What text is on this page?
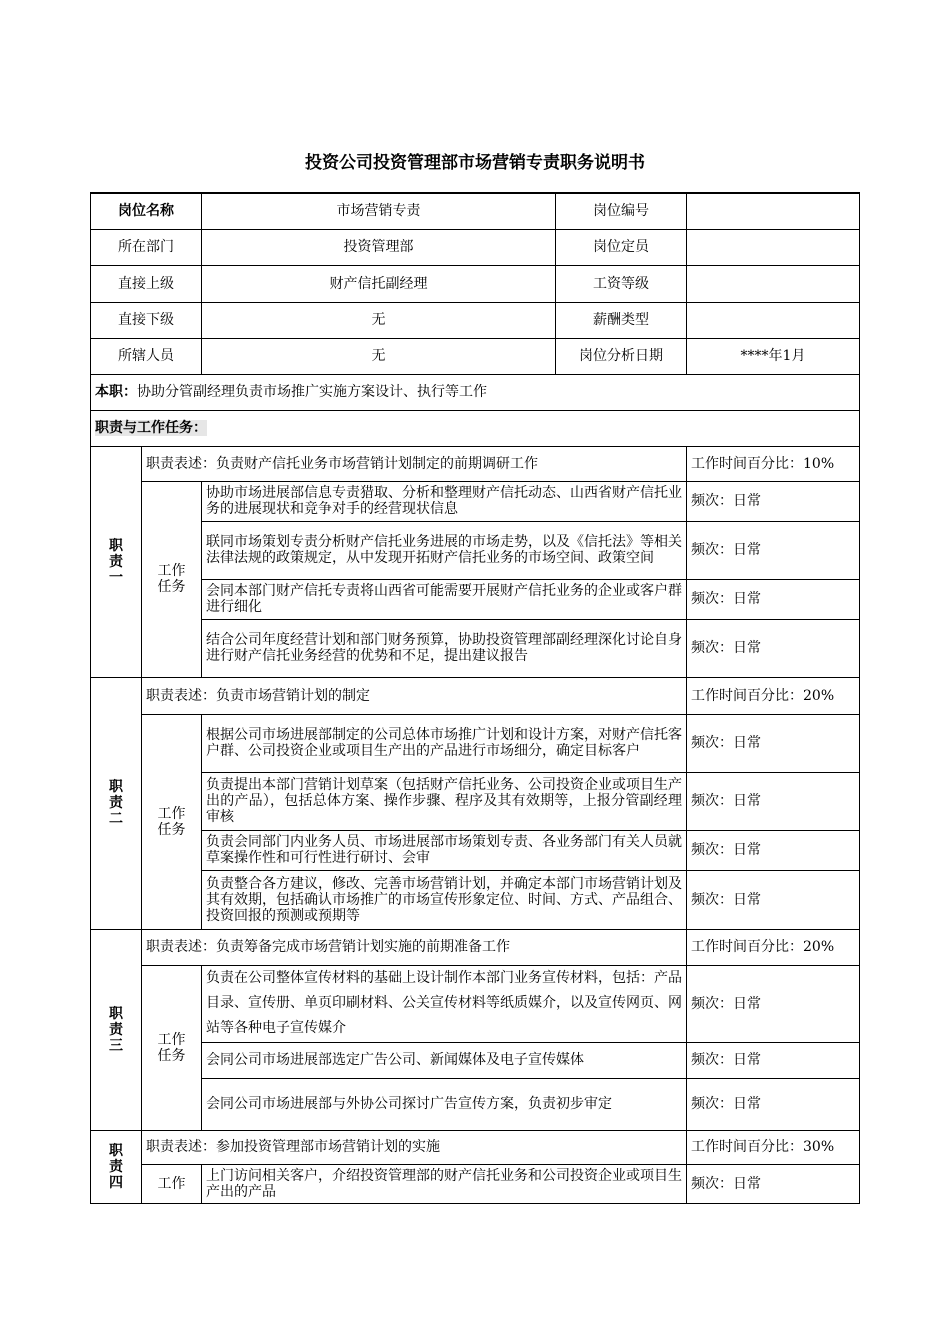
投资公司投资管理部市场营销专责职务说明书
岗位名称		市场营销专责	岗位编号	
所在部门		投资管理部	岗位定员	
直接上级		财产信托副经理	工资等级	
直接下级		无	薪酬类型	
所辖人员		无	岗位分析日期	****年1月
本职：协助分管副经理负责市场推广实施方案设计、执行等工作				
职责与工作任务：				

职
责
一	职责表述：负责财产信托业务市场营销计划制定的前期调研工作			工作时间百分比：10%

	工作
任务	协助市场进展部信息专责猎取、分析和整理财产信托动态、山西省财产信托业务的进展现状和竞争对手的经营现状信息		频次：日常
		联同市场策划专责分析财产信托业务进展的市场走势，以及《信托法》等相关法律法规的政策规定，从中发现开拓财产信托业务的市场空间、政策空间		频次：日常
		会同本部门财产信托专责将山西省可能需要开展财产信托业务的企业或客户群进行细化		频次：日常
		结合公司年度经营计划和部门财务预算，协助投资管理部副经理深化讨论自身进行财产信托业务经营的优势和不足，提出建议报告		频次：日常

职
责
二	职责表述：负责市场营销计划的制定			工作时间百分比：20%

	工作
任务	根据公司市场进展部制定的公司总体市场推广计划和设计方案，对财产信托客户群、公司投资企业或项目生产出的产品进行市场细分，确定目标客户		频次：日常
		负责提出本部门营销计划草案（包括财产信托业务、公司投资企业或项目生产出的产品），包括总体方案、操作步骤、程序及其有效期等，上报分管副经理审核		频次：日常
		负责会同部门内业务人员、市场进展部市场策划专责、各业务部门有关人员就草案操作性和可行性进行研讨、会审		频次：日常
		负责整合各方建议，修改、完善市场营销计划，并确定本部门市场营销计划及其有效期，包括确认市场推广的市场宣传形象定位、时间、方式、产品组合、投资回报的预测或预期等		频次：日常

职
责
三	职责表述：负责筹备完成市场营销计划实施的前期准备工作			工作时间百分比：20%

	工作
任务	负责在公司整体宣传材料的基础上设计制作本部门业务宣传材料，包括：产品目录、宣传册、单页印刷材料、公关宣传材料等纸质媒介，以及宣传网页、网站等各种电子宣传媒介		频次：日常
		会同公司市场进展部选定广告公司、新闻媒体及电子宣传媒体		频次：日常
		会同公司市场进展部与外协公司探讨广告宣传方案，负责初步审定		频次：日常

职
责
四	职责表述：参加投资管理部市场营销计划的实施			工作时间百分比：30%
	工作	上门访问相关客户，介绍投资管理部的财产信托业务和公司投资企业或项目生产出的产品		频次：日常
